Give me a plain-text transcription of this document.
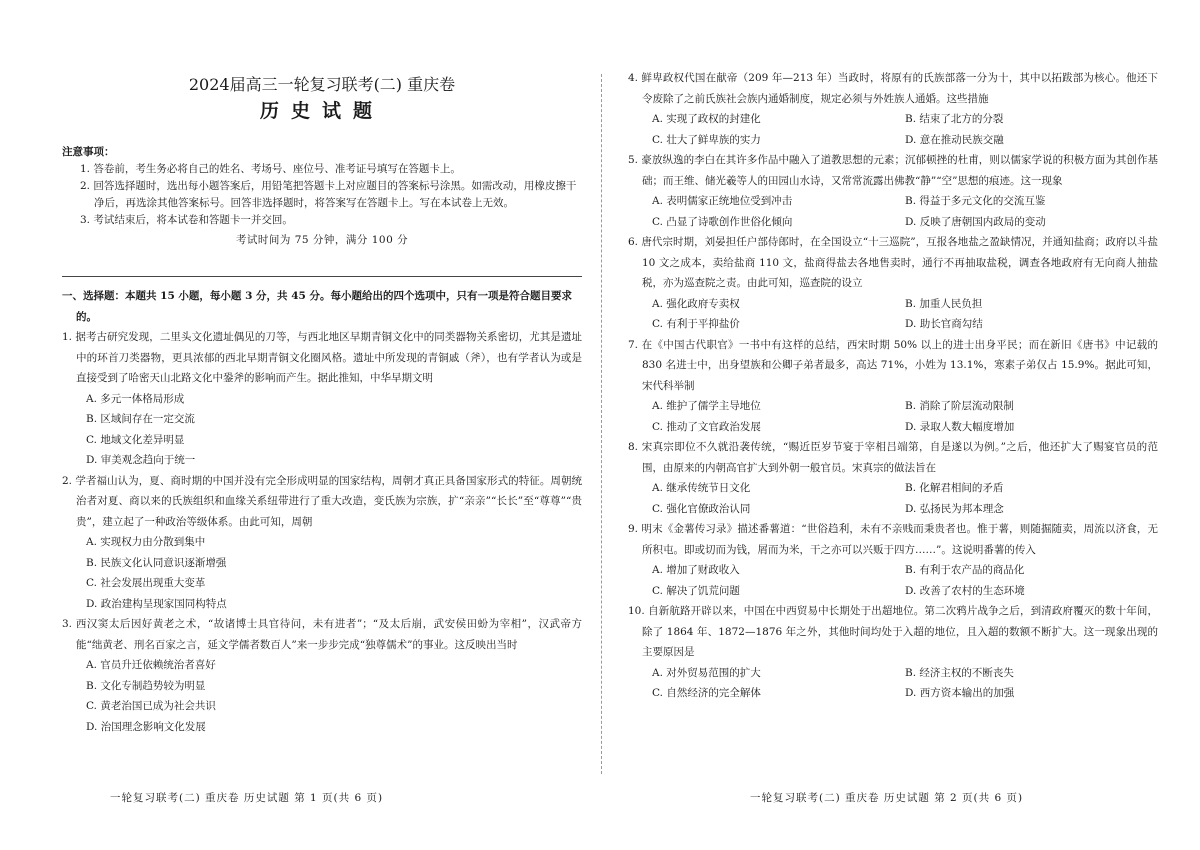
2024届高三一轮复习联考(二) 重庆卷
历史试题
注意事项：
1. 答卷前，考生务必将自己的姓名、考场号、座位号、准考证号填写在答题卡上。
2. 回答选择题时，选出每小题答案后，用铅笔把答题卡上对应题目的答案标号涂黑。如需改动，用橡皮擦干净后，再选涂其他答案标号。回答非选择题时，将答案写在答题卡上。写在本试卷上无效。
3. 考试结束后，将本试卷和答题卡一并交回。
考试时间为 75 分钟，满分 100 分
一、选择题：本题共 15 小题，每小题 3 分，共 45 分。每小题给出的四个选项中，只有一项是符合题目要求的。
1. 据考古研究发现，二里头文化遗址偶见的刀等，与西北地区早期青铜文化中的同类器物关系密切，尤其是遗址中的环首刀类器物，更具浓郁的西北早期青铜文化圈风格。遗址中所发现的青铜戚（斧），也有学者认为或是直接受到了哈密天山北路文化中銎斧的影响而产生。据此推知，中华早期文明
A. 多元一体格局形成
B. 区域间存在一定交流
C. 地域文化差异明显
D. 审美观念趋向于统一
2. 学者福山认为，夏、商时期的中国并没有完全形成明显的国家结构，周朝才真正具备国家形式的特征。周朝统治者对夏、商以来的氏族组织和血缘关系纽带进行了重大改造，变氏族为宗族，扩“亲亲”“长长”至“尊尊”“贵贵”，建立起了一种政治等级体系。由此可知，周朝
A. 实现权力由分散到集中
B. 民族文化认同意识逐渐增强
C. 社会发展出现重大变革
D. 政治建构呈现家国同构特点
3. 西汉窦太后因好黄老之术，“故诸博士具官待问，未有进者”；“及太后崩，武安侯田蚡为宰相”，汉武帝方能“绌黄老、刑名百家之言，延文学儒者数百人”来一步步完成“独尊儒术”的事业。这反映出当时
A. 官员升迁依赖统治者喜好
B. 文化专制趋势较为明显
C. 黄老治国已成为社会共识
D. 治国理念影响文化发展
4. 鲜卑政权代国在献帝（209 年—213 年）当政时，将原有的氏族部落一分为十，其中以拓跋部为核心。他还下令废除了之前氏族社会族内通婚制度，规定必须与外姓族人通婚。这些措施
A. 实现了政权的封建化	B. 结束了北方的分裂
C. 壮大了鲜卑族的实力	D. 意在推动民族交融
5. 豪放纵逸的李白在其许多作品中融入了道教思想的元素；沉郁顿挫的杜甫，则以儒家学说的积极方面为其创作基础；而王维、储光羲等人的田园山水诗，又常常流露出佛教“静”“空”思想的痕迹。这一现象
A. 表明儒家正统地位受到冲击	B. 得益于多元文化的交流互鉴
C. 凸显了诗歌创作世俗化倾向	D. 反映了唐朝国内政局的变动
6. 唐代宗时期，刘晏担任户部侍郎时，在全国设立“十三巡院”，互报各地盐之盈缺情况，并通知盐商；政府以斗盐 10 文之成本，卖给盐商 110 文，盐商得盐去各地售卖时，通行不再抽取盐税，调查各地政府有无向商人抽盐税，亦为巡查院之责。由此可知，巡查院的设立
A. 强化政府专卖权	B. 加重人民负担
C. 有利于平抑盐价	D. 助长官商勾结
7. 在《中国古代职官》一书中有这样的总结，西宋时期 50% 以上的进士出身平民；而在新旧《唐书》中记载的 830 名进士中，出身望族和公卿子弟者最多，高达 71%，小姓为 13.1%，寒素子弟仅占 15.9%。据此可知，宋代科举制
A. 维护了儒学主导地位	B. 消除了阶层流动限制
C. 推动了文官政治发展	D. 录取人数大幅度增加
8. 宋真宗即位不久就沿袭传统，“赐近臣岁节宴于宰相吕端第，自是遂以为例。”之后，他还扩大了赐宴官员的范围，由原来的内朝高官扩大到外朝一般官员。宋真宗的做法旨在
A. 继承传统节日文化	B. 化解君相间的矛盾
C. 强化官僚政治认同	D. 弘扬民为邦本理念
9. 明末《金薯传习录》描述番薯道：“世俗趋利，未有不亲贱而秉贵者也。惟于薯，则随掘随卖，周流以济食，无所积屯。即或切而为钱，屑而为米，干之亦可以兴贩于四方……”。这说明番薯的传入
A. 增加了财政收入	B. 有利于农产品的商品化
C. 解决了饥荒问题	D. 改善了农村的生态环境
10. 自新航路开辟以来，中国在中西贸易中长期处于出超地位。第二次鸦片战争之后，到清政府覆灭的数十年间，除了 1864 年、1872—1876 年之外，其他时间均处于入超的地位，且入超的数额不断扩大。这一现象出现的主要原因是
A. 对外贸易范围的扩大	B. 经济主权的不断丧失
C. 自然经济的完全解体	D. 西方资本输出的加强
一轮复习联考(二) 重庆卷 历史试题 第 1 页(共 6 页)	一轮复习联考(二) 重庆卷 历史试题 第 2 页(共 6 页)
